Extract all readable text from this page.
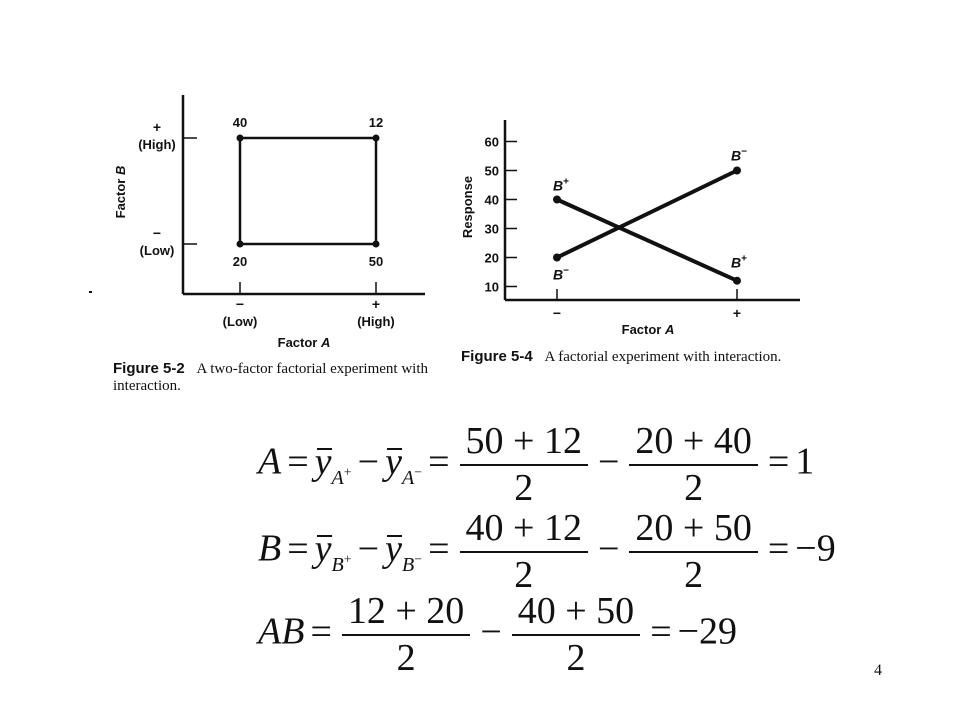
−
(Low)
+
(High)
−
(Low)
+
(High)
40	12
20	50
Factor A
Factor B
10
20
30
40
50
60
−	+
B−
B−
B+
B+
Response
Factor A
Figure 5-2 A two-factor factorial experiment with interaction.
Figure 5-4 A factorial experiment with interaction.
$A = y_{A^+} - y_{A^-} = \frac{50 + 12}{2} - \frac{20 + 40}{2} = 1$
$B = y_{B^+} - y_{B^-} = \frac{40 + 12}{2} - \frac{20 + 50}{2} = -9$
AB = $\frac{12 + 20}{2} - \frac{40 + 50}{2} = -29$
4
